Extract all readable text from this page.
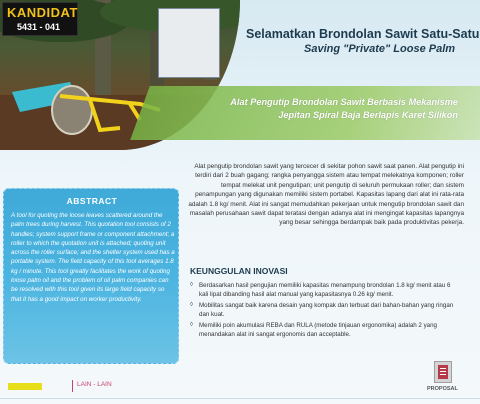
KANDIDAT
5431 - 041	Selamatkan Brondolan Sawit Satu-Satu
Saving "Private" Loose Palm
Alat Pengutip Brondolan Sawit Berbasis Mekanisme
Jepitan Spiral Baja Berlapis Karet Silikon

Alat pengutip brondolan sawit yang tercecer di sekitar pohon sawit saat panen. Alat pengutip ini terdiri dari 2 buah gagang; rangka penyangga sistem atau tempat melekatnya komponen; roller tempat melekat unit pengutipan; unit pengutip di seluruh permukaan roller; dan sistem penampungan yang digunakan memiliki sistem portabel. Kapasitas lapang dari alat ini rata-rata adalah 1.8 kg/ menit. Alat ini sangat memudahkan pekerjaan untuk mengutip brondolan sawit dan masalah perusahaan sawit dapat teratasi dengan adanya alat ini mengingat kapasitas lapangnya yang besar sehingga berdampak baik pada produktivitas pekerja.

KEUNGGULAN INOVASI
◊ Berdasarkan hasil pengujian memiliki kapasitas menampung brondolan 1.8 kg/ menit atau 6 kali lipat dibanding hasil alat manual yang kapasitasnya 0.26 kg/ menit.
◊ Mobilitas sangat baik karena desain yang kompak dan terbuat dari bahan-bahan yang ringan dan kuat.
◊ Memiliki poin akumulasi REBA dan RULA (metode tinjauan ergonomika) adalah 2 yang menandakan alat ini sangat ergonomis dan acceptable.
ABSTRACT

A tool for quoting the loose leaves scattered around the palm trees during harvest. This quotation tool consists of 2 handles; system support frame or component attachment; a roller to which the quotation unit is attached; quoting unit across the roller surface; and the shelter system used has a portable system. The field capacity of this tool averages 1.8 kg / minute. This tool greatly facilitates the work of quoting loose palm oil and the problem of oil palm companies can be resolved with this tool given its large field capacity so that it has a good impact on worker productivity.

LAIN - LAIN
PROPOSAL
